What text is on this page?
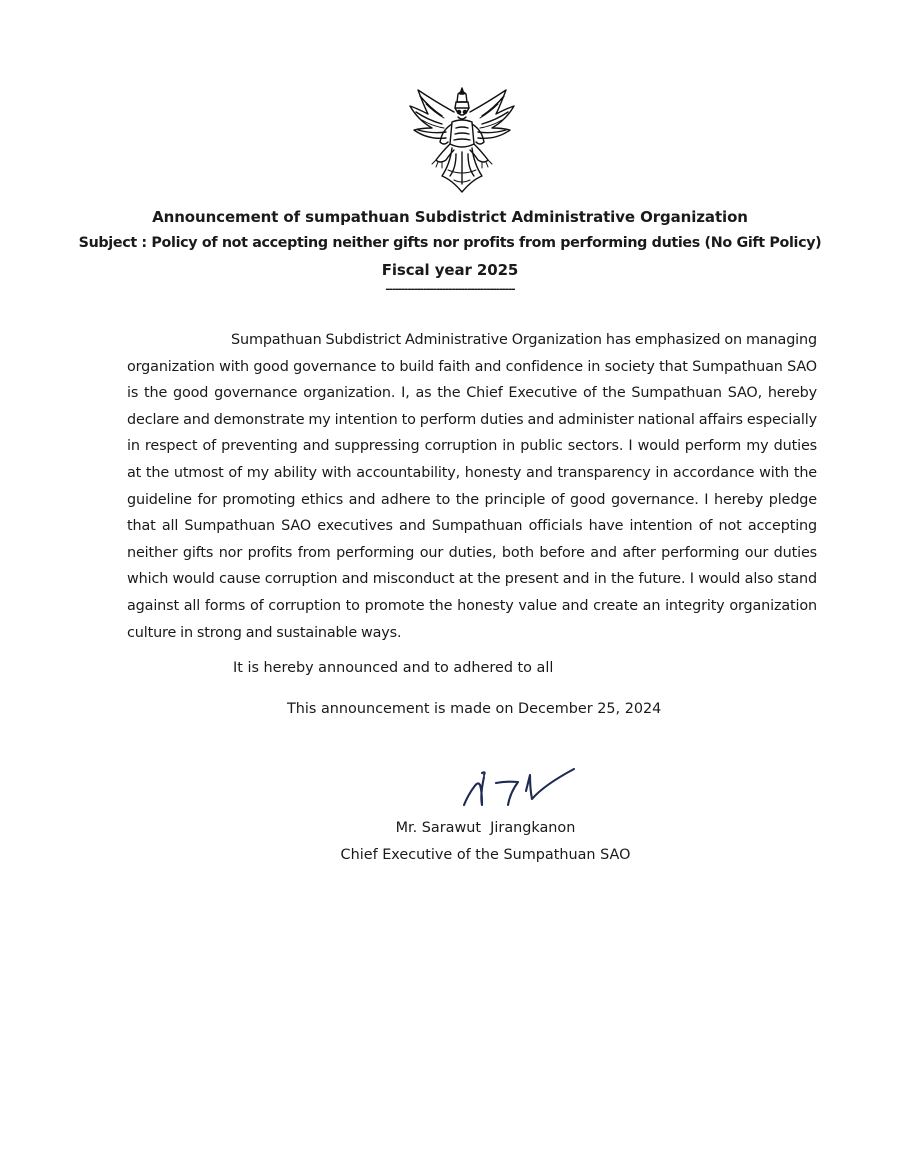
Announcement of sumpathuan Subdistrict Administrative Organization
Subject : Policy of not accepting neither gifts nor profits from performing duties (No Gift Policy)
Fiscal year 2025
-----------------------------------------

Sumpathuan Subdistrict Administrative Organization has emphasized on managing organization with good governance to build faith and confidence in society that Sumpathuan SAO is the good governance organization. I, as the Chief Executive of the Sumpathuan SAO, hereby declare and demonstrate my intention to perform duties and administer national affairs especially in respect of preventing and suppressing corruption in public sectors. I would perform my duties at the utmost of my ability with accountability, honesty and transparency in accordance with the guideline for promoting ethics and adhere to the principle of good governance. I hereby pledge that all Sumpathuan SAO executives and Sumpathuan officials have intention of not accepting neither gifts nor profits from performing our duties, both before and after performing our duties which would cause corruption and misconduct at the present and in the future. I would also stand against all forms of corruption to promote the honesty value and create an integrity organization culture in strong and sustainable ways.

It is hereby announced and to adhered to all

This announcement is made on December 25, 2024

Mr. Sarawut  Jirangkanon

Chief Executive of the Sumpathuan SAO
